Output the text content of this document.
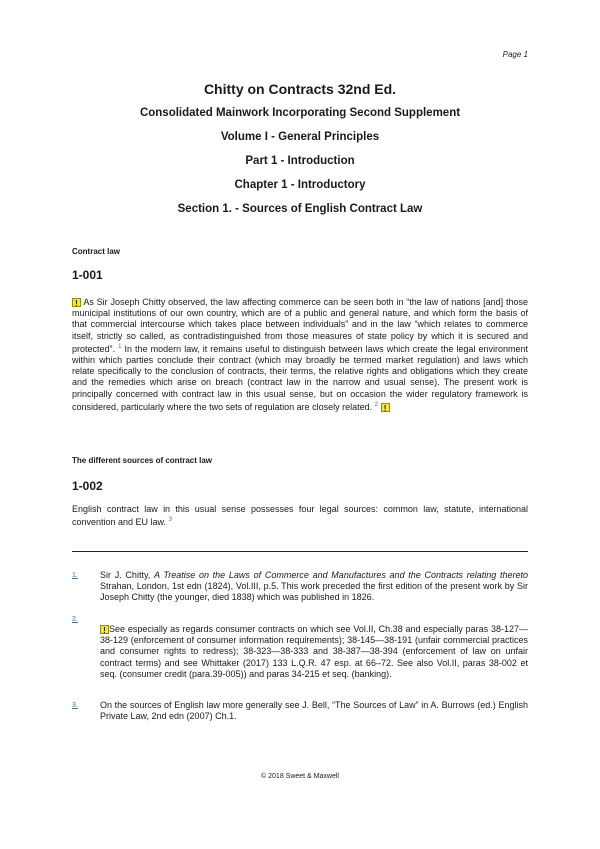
Page 1
Chitty on Contracts 32nd Ed.
Consolidated Mainwork Incorporating Second Supplement
Volume I - General Principles
Part 1 - Introduction
Chapter 1 - Introductory
Section 1. - Sources of English Contract Law
Contract law
1-001

! As Sir Joseph Chitty observed, the law affecting commerce can be seen both in “the law of nations [and] those municipal institutions of our own country, which are of a public and general nature, and which form the basis of that commercial intercourse which takes place between individuals” and in the law “which relates to commerce itself, strictly so called, as contradistinguished from those measures of state policy by which it is secured and protected”. $^1$ In the modern law, it remains useful to distinguish between laws which create the legal environment within which parties conclude their contract (which may broadly be termed market regulation) and laws which relate specifically to the conclusion of contracts, their terms, the relative rights and obligations which they create and the remedies which arise on breach (contract law in the narrow and usual sense). The present work is principally concerned with contract law in this usual sense, but on occasion the wider regulatory framework is considered, particularly where the two sets of regulation are closely related. $^2$ !

The different sources of contract law
1-002

English contract law in this usual sense possesses four legal sources: common law, statute, international convention and EU law. $^3$

1. Sir J. Chitty, A Treatise on the Laws of Commerce and Manufactures and the Contracts relating thereto Strahan, London, 1st edn (1824), Vol.III, p.5. This work preceded the first edition of the present work by Sir Joseph Chitty (the younger, died 1838) which was published in 1826.
2.
! See especially as regards consumer contracts on which see Vol.II, Ch.38 and especially paras 38-127—38-129 (enforcement of consumer information requirements); 38-145—38-191 (unfair commercial practices and consumer rights to redress); 38-323—38-333 and 38-387—38-394 (enforcement of law on unfair contract terms) and see Whittaker (2017) 133 L.Q.R. 47 esp. at 66–72. See also Vol.II, paras 38-002 et seq. (consumer credit (para.39-005)) and paras 34-215 et seq. (banking).
3. On the sources of English law more generally see J. Bell, “The Sources of Law” in A. Burrows (ed.) English Private Law, 2nd edn (2007) Ch.1.
© 2018 Sweet & Maxwell
